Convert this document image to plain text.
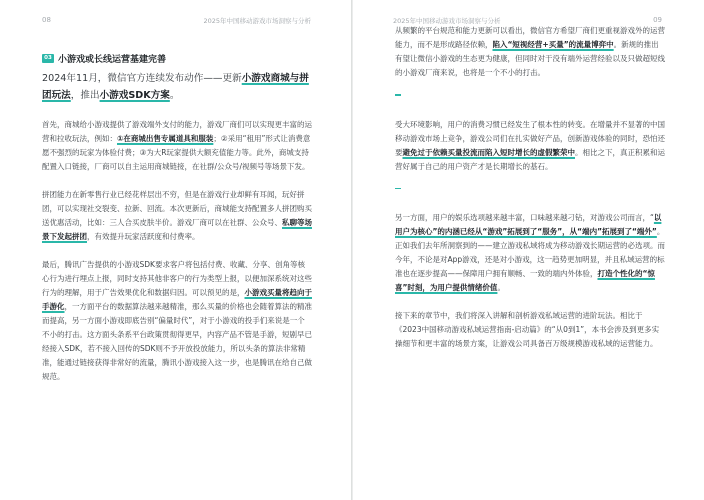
08	2025年中国移动游戏市场洞察与分析
03 小游戏或长线运营基建完善

2024年11月，微信官方连续发布动作——更新小游戏商城与拼团玩法，推出小游戏SDK方案。

首先，商城给小游戏提供了游戏端外支付的能力，游戏厂商们可以实现更丰富的运营和拉收玩法，例如：①在商城出售专属道具和服装；②采用“租用”形式让消费意愿不强烈的玩家为体验付费；③为大R玩家提供大额充值能力等。此外，商城支持配置入口链接，厂商可以自主运用商城链接，在社群/公众号/视频号等场景下发。

拼团能力在新零售行业已经花样层出不穷，但是在游戏行业却鲜有耳闻，玩好拼团，可以实现社交裂变、拉新、回流。本次更新后，商城能支持配置多人拼团购买送优惠活动，比如：三人合买皮肤半价。游戏厂商可以在社群、公众号、私聊等场景下发起拼团，有效提升玩家活跃度和付费率。

最后，腾讯广告提供的小游戏SDK要求客户将包括付费、收藏、分享、创角等核心行为进行埋点上报，同时支持其他非客户的行为类型上报，以便加深系统对这些行为的理解，用于广告效果优化和数据归因。可以预见的是，小游戏买量将趋向于手游化，一方面平台的数据算法越来越精准，那么买量的价格也会随着算法的精准而提高，另一方面小游戏即底告别“偏量时代”，对于小游戏的投手们来说是一个不小的打击。这方面头条系平台政策贯彻得更早，内容产品不管是手游，短剧早已经接入SDK，若不接入回传的SDK则不予开放投放能力，所以头条的算法非常精准，能通过链接获得非常好的流量，腾讯小游戏接入这一步，也是腾讯在给自己做规范。

2025年中国移动游戏市场洞察与分析	09

从频繁的平台规范和能力更新可以看出，微信官方希望厂商们更重视游戏外的运营能力，而不是形成路径依赖，陷入“短视经营+买量”的流量博弈中。新规的推出有望让微信小游戏的生态更为健康，但同时对于没有端外运营经验以及只做超短线的小游戏厂商来说，也将是一个不小的打击。

受大环境影响，用户的消费习惯已经发生了根本性的转变。在增量并不显著的中国移动游戏市场上竞争，游戏公司们在扎实做好产品，创新游戏体验的同时，恐怕还要避免过于依赖买量投流而陷入短时增长的虚假繁荣中。相比之下，真正积累和运营好属于自己的用户资产才是长期增长的基石。

另一方面，用户的娱乐选项越来越丰富，口味越来越刁钻，对游戏公司而言，“以用户为核心”的内涵已经从“游戏”拓展到了“服务”，从“端内”拓展到了“端外”。正如我们去年所洞察到的——建立游戏私域将成为移动游戏长期运营的必选项。而今年，不论是对App游戏，还是对小游戏，这一趋势更加明显，并且私域运营的标准也在逐步提高——保障用户拥有顺畅、一致的端内外体验，打造个性化的“惊喜”时刻，为用户提供情绪价值。

接下来的章节中，我们将深入讲解和剖析游戏私域运营的进阶玩法。相比于《2023中国移动游戏私域运营指南-启动篇》的“从0到1”，本书会涉及到更多实操细节和更丰富的场景方案，让游戏公司具备百万级规模游戏私域的运营能力。
